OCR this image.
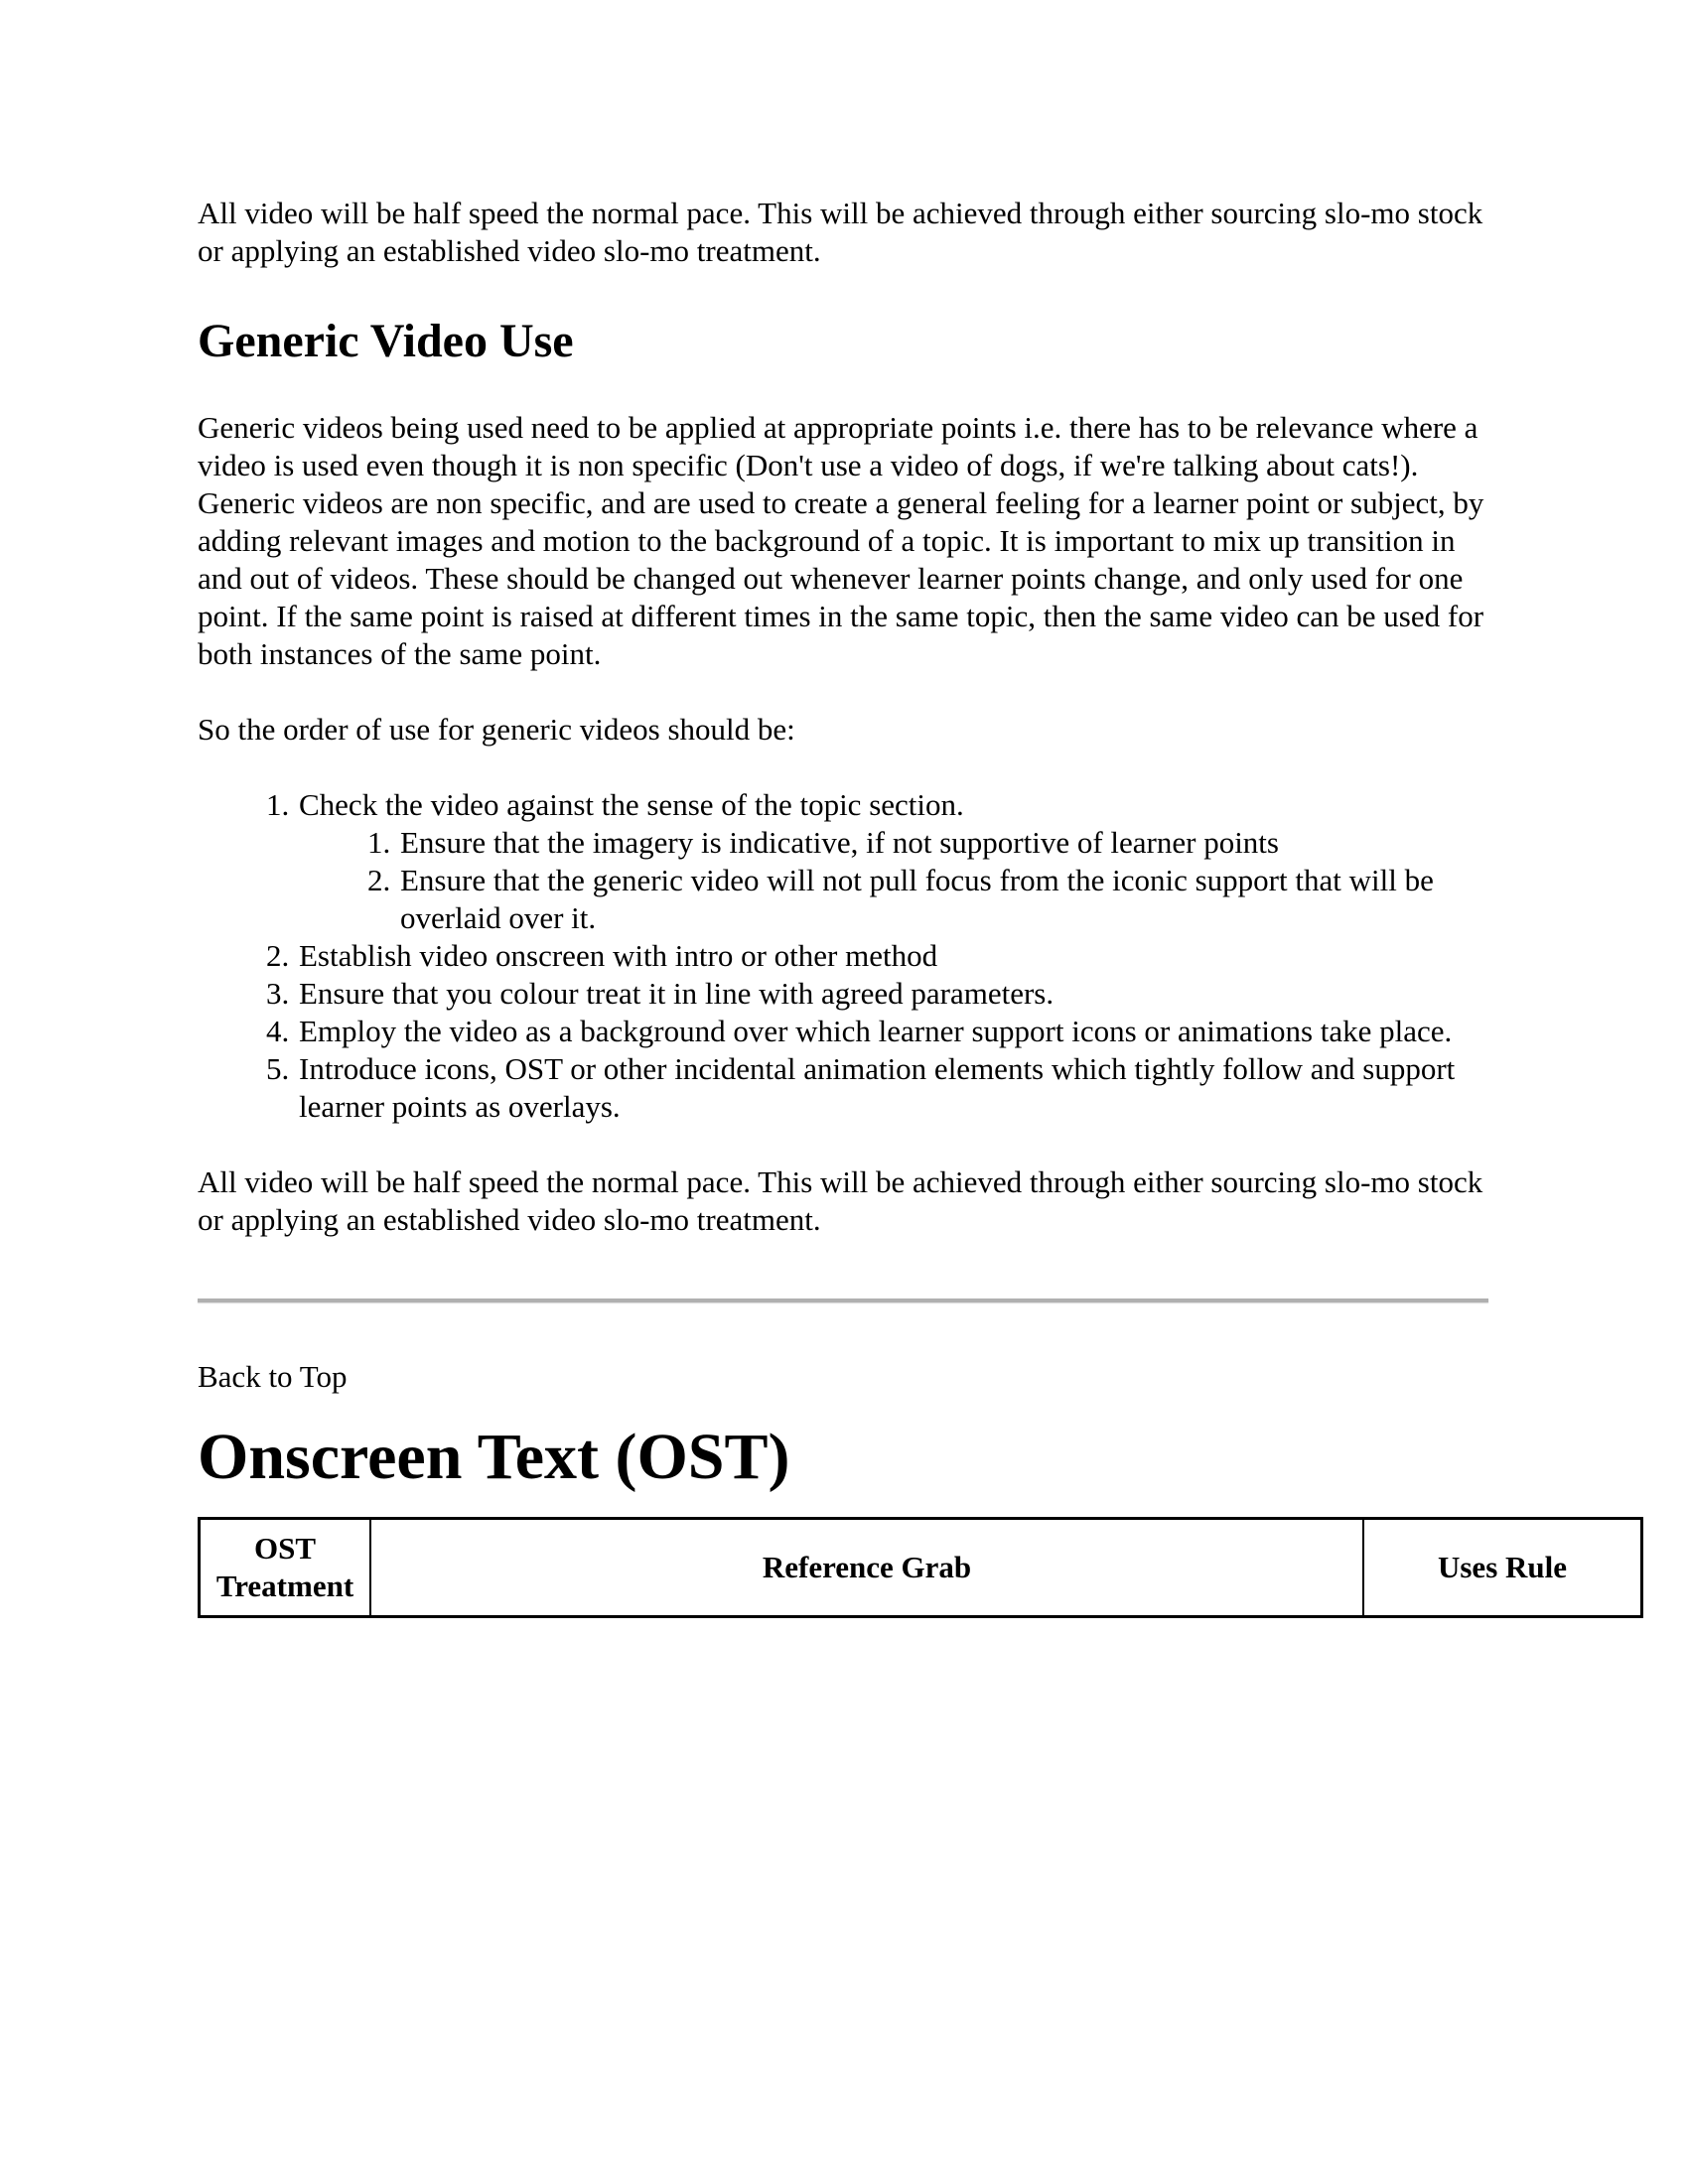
All video will be half speed the normal pace. This will be achieved through either sourcing slo-mo stock or applying an established video slo-mo treatment.

Generic Video Use

Generic videos being used need to be applied at appropriate points i.e. there has to be relevance where a video is used even though it is non specific (Don't use a video of dogs, if we're talking about cats!).

Generic videos are non specific, and are used to create a general feeling for a learner point or subject, by adding relevant images and motion to the background of a topic. It is important to mix up transition in and out of videos. These should be changed out whenever learner points change, and only used for one point. If the same point is raised at different times in the same topic, then the same video can be used for both instances of the same point.

So the order of use for generic videos should be:

1. Check the video against the sense of the topic section.
1. Ensure that the imagery is indicative, if not supportive of learner points
2. Ensure that the generic video will not pull focus from the iconic support that will be overlaid over it.
2. Establish video onscreen with intro or other method
3. Ensure that you colour treat it in line with agreed parameters.
4. Employ the video as a background over which learner support icons or animations take place.
5. Introduce icons, OST or other incidental animation elements which tightly follow and support learner points as overlays.

All video will be half speed the normal pace. This will be achieved through either sourcing slo-mo stock or applying an established video slo-mo treatment.

Back to Top
Onscreen Text (OST)
OST Treatment	Reference Grab	Uses Rule
